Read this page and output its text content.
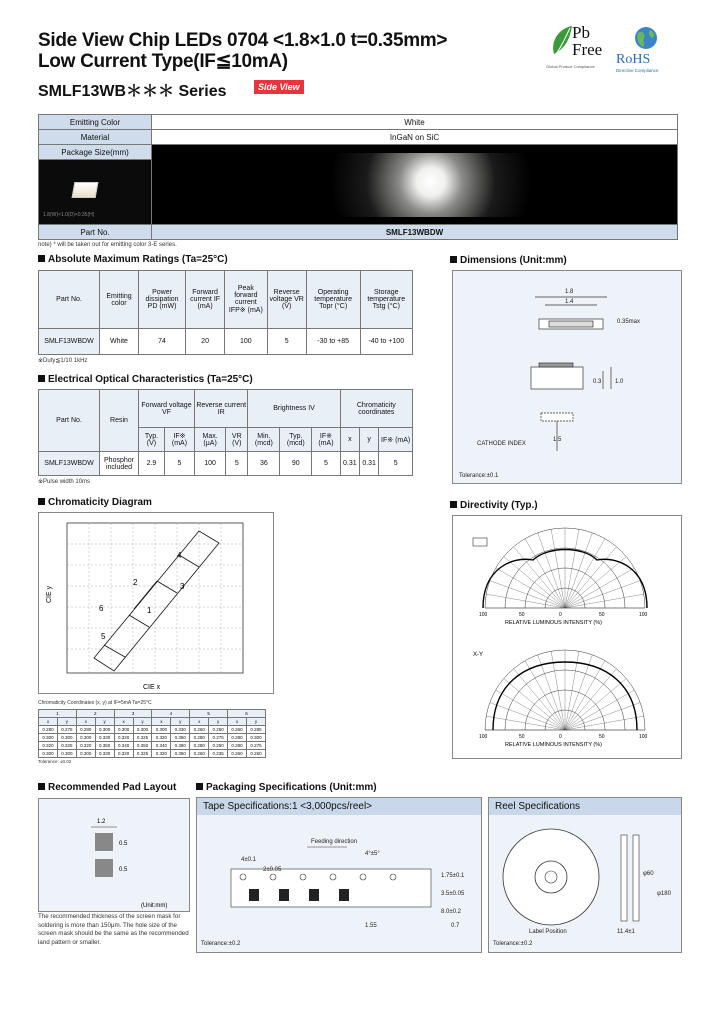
Side View Chip LEDs 0704 <1.8×1.0 t=0.35mm>
Low Current Type(IF≦10mA)
SMLF13WB＊＊＊ Series	Side View
Pb Free
Global Product Compliance RoHS
Directive Compliance
Emitting Color	White
Material	InGaN on SiC
Package Size(mm)	

1.8(W)×1.0(D)×0.35(H)	

Part No.	SMLF13WBDW
note) * will be taken out for emitting color 3-E series.
Absolute Maximum Ratings (Ta=25°C)
Part No.	Emitting color	Power dissipation PD (mW)	Forward current IF (mA)	Peak forward current IFP※ (mA)	Reverse voltage VR (V)	Operating temperature Topr (°C)	Storage temperature Tstg (°C)
SMLF13WBDW	White	74	20	100	5	-30 to +85	-40 to +100
※Duty≦1/10 1kHz
Electrical Optical Characteristics (Ta=25°C)
Part No.	Resin	Forward voltage VF		Reverse current IR		Brightness IV			Chromaticity coordinates		
		Typ. (V)	IF※ (mA)	Max. (μA)	VR (V)	Min. (mcd)	Typ. (mcd)	IF※ (mA)	x	y	IF※ (mA)
SMLF13WBDW	Phosphor included	2.9	5	100	5	36	90	5	0.31	0.31	5
※Pulse width 10ms
Chromaticity Diagram
1
2	3
4
5
6
CIE y
CIE x
Chromaticity Coordinates (x, y) at IF=5mA Ta=25°C
1		2		3		4		5		6	
x	y	x	y	x	y	x	y	x	y	x	y
0.280	0.275	0.280	0.300	0.300	0.300	0.300	0.330	0.260	0.260	0.260	0.285
0.300	0.300	0.300	0.330	0.320	0.325	0.320	0.350	0.280	0.275	0.280	0.300
0.320	0.325	0.320	0.350	0.340	0.350	0.340	0.380	0.280	0.250	0.280	0.275
0.300	0.300	0.300	0.330	0.320	0.325	0.320	0.350	0.260	0.235	0.260	0.260
Tolerance: ±0.02
Dimensions (Unit:mm)
1.8
1.4
0.35max
1.0
0.3
1.5
CATHODE INDEX
Tolerance:±0.1
Directivity (Typ.)
100	50	0	50	100
RELATIVE LUMINOUS INTENSITY (%)
100	50	0	50	100
RELATIVE LUMINOUS INTENSITY (%)
X-Y
Recommended Pad Layout
1.2
0.5
0.5
(Unit:mm)
The recommended thickness of the screen mask for soldering is more than 150μm. The hole size of the screen mask should be the same as the recommended land pattern or smaller.
Packaging Specifications (Unit:mm)
Tape Specifications:1 <3,000pcs/reel>
4±0.1
2±0.05
1.75±0.1
3.5±0.05
8.0±0.2
1.55	0.7
4°±5°
Feeding direction
Tolerance:±0.2
Reel Specifications
φ60
φ180
11.4±1
Label Position
Tolerance:±0.2
